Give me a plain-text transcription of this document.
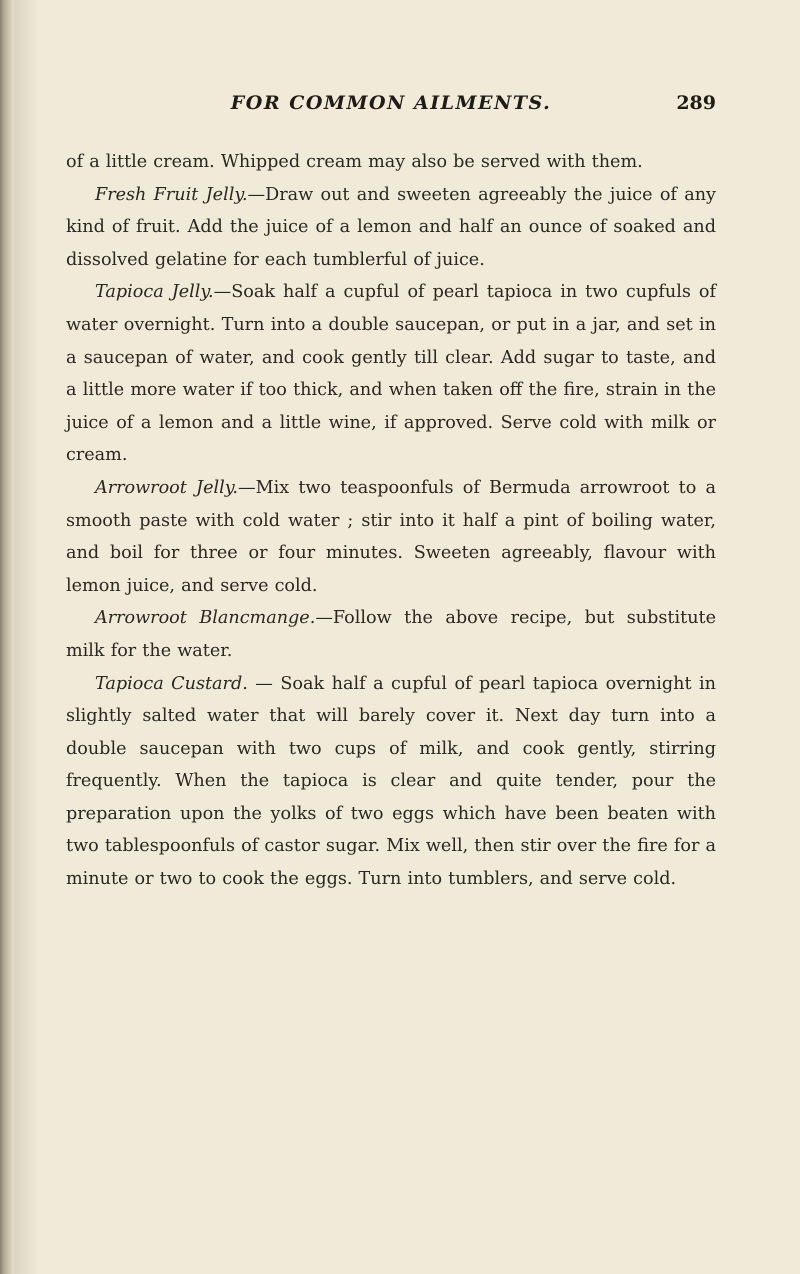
FOR COMMON AILMENTS.	289

of a little cream. Whipped cream may also be served with them.

Fresh Fruit Jelly.—Draw out and sweeten agreeably the juice of any kind of fruit. Add the juice of a lemon and half an ounce of soaked and dissolved gelatine for each tumblerful of juice.

Tapioca Jelly.—Soak half a cupful of pearl tapioca in two cupfuls of water overnight. Turn into a double saucepan, or put in a jar, and set in a saucepan of water, and cook gently till clear. Add sugar to taste, and a little more water if too thick, and when taken off the fire, strain in the juice of a lemon and a little wine, if approved. Serve cold with milk or cream.

Arrowroot Jelly.—Mix two teaspoonfuls of Bermuda arrowroot to a smooth paste with cold water ; stir into it half a pint of boiling water, and boil for three or four minutes. Sweeten agreeably, flavour with lemon juice, and serve cold.

Arrowroot Blancmange.—Follow the above recipe, but substitute milk for the water.

Tapioca Custard. — Soak half a cupful of pearl tapioca overnight in slightly salted water that will barely cover it. Next day turn into a double saucepan with two cups of milk, and cook gently, stirring frequently. When the tapioca is clear and quite tender, pour the preparation upon the yolks of two eggs which have been beaten with two tablespoonfuls of castor sugar. Mix well, then stir over the fire for a minute or two to cook the eggs. Turn into tumblers, and serve cold.
